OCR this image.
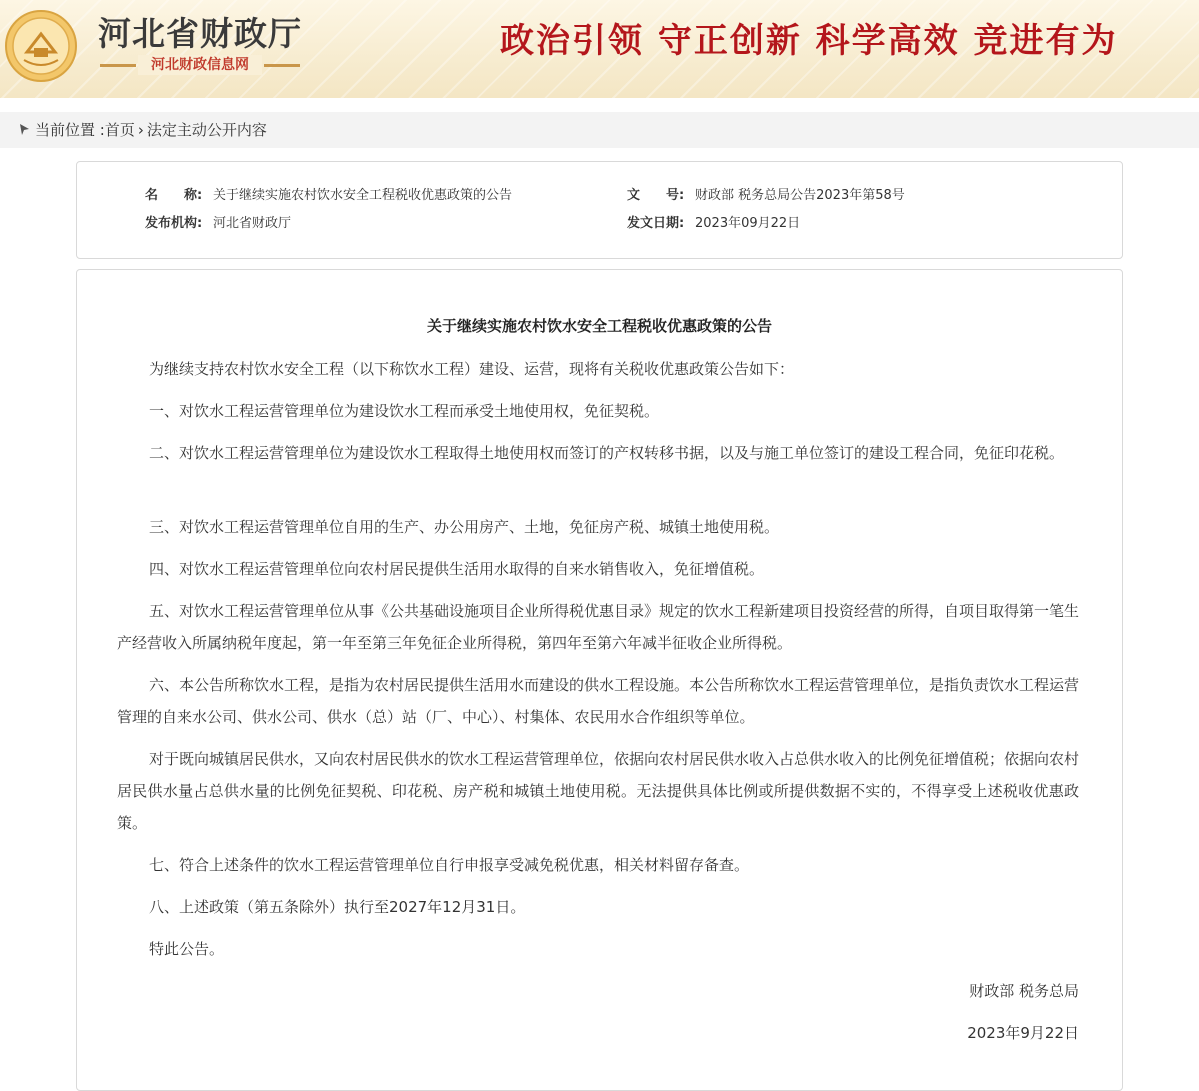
河北省财政厅
河北财政信息网
政治引领 守正创新 科学高效 竞进有为
当前位置 :首页 › 法定主动公开内容
名　　称: 关于继续实施农村饮水安全工程税收优惠政策的公告	文　　号: 财政部 税务总局公告2023年第58号
发布机构: 河北省财政厅	发文日期: 2023年09月22日
关于继续实施农村饮水安全工程税收优惠政策的公告

为继续支持农村饮水安全工程（以下称饮水工程）建设、运营，现将有关税收优惠政策公告如下：

一、对饮水工程运营管理单位为建设饮水工程而承受土地使用权，免征契税。

二、对饮水工程运营管理单位为建设饮水工程取得土地使用权而签订的产权转移书据，以及与施工单位签订的建设工程合同，免征印花税。

三、对饮水工程运营管理单位自用的生产、办公用房产、土地，免征房产税、城镇土地使用税。

四、对饮水工程运营管理单位向农村居民提供生活用水取得的自来水销售收入，免征增值税。

五、对饮水工程运营管理单位从事《公共基础设施项目企业所得税优惠目录》规定的饮水工程新建项目投资经营的所得，自项目取得第一笔生产经营收入所属纳税年度起，第一年至第三年免征企业所得税，第四年至第六年减半征收企业所得税。

六、本公告所称饮水工程，是指为农村居民提供生活用水而建设的供水工程设施。本公告所称饮水工程运营管理单位，是指负责饮水工程运营管理的自来水公司、供水公司、供水（总）站（厂、中心）、村集体、农民用水合作组织等单位。

对于既向城镇居民供水，又向农村居民供水的饮水工程运营管理单位，依据向农村居民供水收入占总供水收入的比例免征增值税；依据向农村居民供水量占总供水量的比例免征契税、印花税、房产税和城镇土地使用税。无法提供具体比例或所提供数据不实的，不得享受上述税收优惠政策。

七、符合上述条件的饮水工程运营管理单位自行申报享受减免税优惠，相关材料留存备查。

八、上述政策（第五条除外）执行至2027年12月31日。

特此公告。

财政部 税务总局
2023年9月22日
